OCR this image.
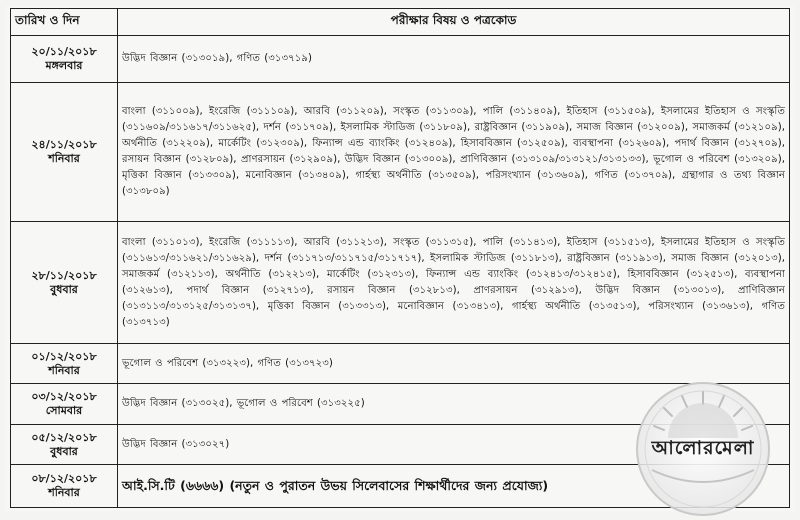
তারিখ ও দিন	পরীক্ষার বিষয় ও পত্রকোড

২০/১১/২০১৮
মঙ্গলবার	উদ্ভিদ বিজ্ঞান (৩১৩০১৯), গণিত (৩১৩৭১৯)

২৪/১১/২০১৮
শনিবার	বাংলা (৩১১০০৯), ইংরেজি (৩১১১০৯), আরবি (৩১১২০৯), সংস্কৃত (৩১১৩০৯), পালি (৩১১৪০৯), ইতিহাস (৩১১৫০৯), ইসলামের ইতিহাস ও সংস্কৃতি (৩১১৬০৯/৩১১৬১৭/৩১১৬২৫), দর্শন (৩১১৭০৯), ইসলামিক স্টাডিজ (৩১১৮০৯), রাষ্ট্রবিজ্ঞান (৩১১৯০৯), সমাজ বিজ্ঞান (৩১২০০৯), সমাজকর্ম (৩১২১০৯), অর্থনীতি (৩১২২০৯), মার্কেটিং (৩১২৩০৯), ফিন্যান্স এন্ড ব্যাংকিং (৩১২৪০৯), হিসাববিজ্ঞান (৩১২৫০৯), ব্যবস্থাপনা (৩১২৬০৯), পদার্থ বিজ্ঞান (৩১২৭০৯), রসায়ন বিজ্ঞান (৩১২৮০৯), প্রাণরসায়ন (৩১২৯০৯), উদ্ভিদ বিজ্ঞান (৩১৩০০৯), প্রাণিবিজ্ঞান (৩১৩১০৯/৩১৩১২১/৩১৩১৩৩), ভূগোল ও পরিবেশ (৩১৩২০৯), মৃত্তিকা বিজ্ঞান (৩১৩৩০৯), মনোবিজ্ঞান (৩১৩৪০৯), গার্হস্থ্য অর্থনীতি (৩১৩৫০৯), পরিসংখ্যান (৩১৩৬০৯), গণিত (৩১৩৭০৯), গ্রন্থাগার ও তথ্য বিজ্ঞান (৩১৩৮০৯)

২৮/১১/২০১৮
বুধবার	বাংলা (৩১১০১৩), ইংরেজি (৩১১১১৩), আরবি (৩১১২১৩), সংস্কৃত (৩১১৩১৫), পালি (৩১১৪১৩), ইতিহাস (৩১১৫১৩), ইসলামের ইতিহাস ও সংস্কৃতি (৩১১৬১৩/৩১১৬২১/৩১১৬২৯), দর্শন (৩১১৭১৩/৩১১৭১৫/৩১১৭১৭), ইসলামিক স্টাডিজ (৩১১৮১৩), রাষ্ট্রবিজ্ঞান (৩১১৯১৩), সমাজ বিজ্ঞান (৩১২০১৩), সমাজকর্ম (৩১২১১৩), অর্থনীতি (৩১২২১৩), মার্কেটিং (৩১২৩১৩), ফিন্যান্স এন্ড ব্যাংকিং (৩১২৪১৩/৩১২৪১৫), হিসাববিজ্ঞান (৩১২৫১৩), ব্যবস্থাপনা (৩১২৬১৩), পদার্থ বিজ্ঞান (৩১২৭১৩), রসায়ন বিজ্ঞান (৩১২৮১৩), প্রাণরসায়ন (৩১২৯১৩), উদ্ভিদ বিজ্ঞান (৩১৩০১৩), প্রাণিবিজ্ঞান (৩১৩১১৩/৩১৩১২৫/৩১৩১৩৭), মৃত্তিকা বিজ্ঞান (৩১৩৩১৩), মনোবিজ্ঞান (৩১৩৪১৩), গার্হস্থ্য অর্থনীতি (৩১৩৫১৩), পরিসংখ্যান (৩১৩৬১৩), গণিত (৩১৩৭১৩)

০১/১২/২০১৮
শনিবার	ভূগোল ও পরিবেশ (৩১৩২২৩), গণিত (৩১৩৭২৩)

০৩/১২/২০১৮
সোমবার	উদ্ভিদ বিজ্ঞান (৩১৩০২৫), ভূগোল ও পরিবেশ (৩১৩২২৫)

০৫/১২/২০১৮
বুধবার	উদ্ভিদ বিজ্ঞান (৩১৩০২৭)

০৮/১২/২০১৮
শনিবার	আই.সি.টি (৬৬৬৬) (নতুন ও পুরাতন উভয় সিলেবাসের শিক্ষার্থীদের জন্য প্রযোজ্য)
আলোরমেলা
